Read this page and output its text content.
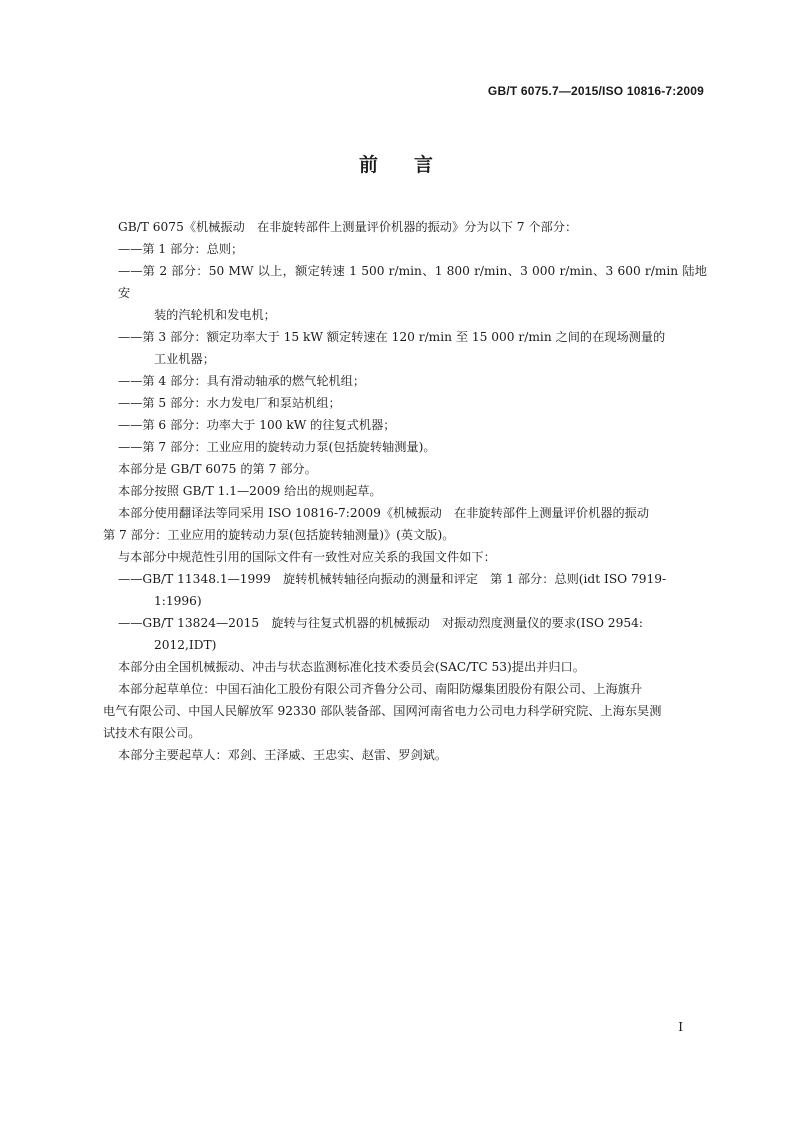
GB/T 6075.7—2015/ISO 10816-7:2009
前 言

GB/T 6075《机械振动　在非旋转部件上测量评价机器的振动》分为以下 7 个部分：

——第 1 部分：总则；
——第 2 部分：50 MW 以上，额定转速 1 500 r/min、1 800 r/min、3 000 r/min、3 600 r/min 陆地安
装的汽轮机和发电机；
——第 3 部分：额定功率大于 15 kW 额定转速在 120 r/min 至 15 000 r/min 之间的在现场测量的
工业机器；
——第 4 部分：具有滑动轴承的燃气轮机组；
——第 5 部分：水力发电厂和泵站机组；
——第 6 部分：功率大于 100 kW 的往复式机器；
——第 7 部分：工业应用的旋转动力泵(包括旋转轴测量)。

本部分是 GB/T 6075 的第 7 部分。

本部分按照 GB/T 1.1—2009 给出的规则起草。

本部分使用翻译法等同采用 ISO 10816-7:2009《机械振动　在非旋转部件上测量评价机器的振动

第 7 部分：工业应用的旋转动力泵(包括旋转轴测量)》(英文版)。

与本部分中规范性引用的国际文件有一致性对应关系的我国文件如下：

——GB/T 11348.1—1999　旋转机械转轴径向振动的测量和评定　第 1 部分：总则(idt ISO 7919-
1:1996)
——GB/T 13824—2015　旋转与往复式机器的机械振动　对振动烈度测量仪的要求(ISO 2954:
2012,IDT)

本部分由全国机械振动、冲击与状态监测标准化技术委员会(SAC/TC 53)提出并归口。

本部分起草单位：中国石油化工股份有限公司齐鲁分公司、南阳防爆集团股份有限公司、上海旗升

电气有限公司、中国人民解放军 92330 部队装备部、国网河南省电力公司电力科学研究院、上海东昊测

试技术有限公司。

本部分主要起草人：邓剑、王泽威、王忠实、赵雷、罗剑斌。

I
